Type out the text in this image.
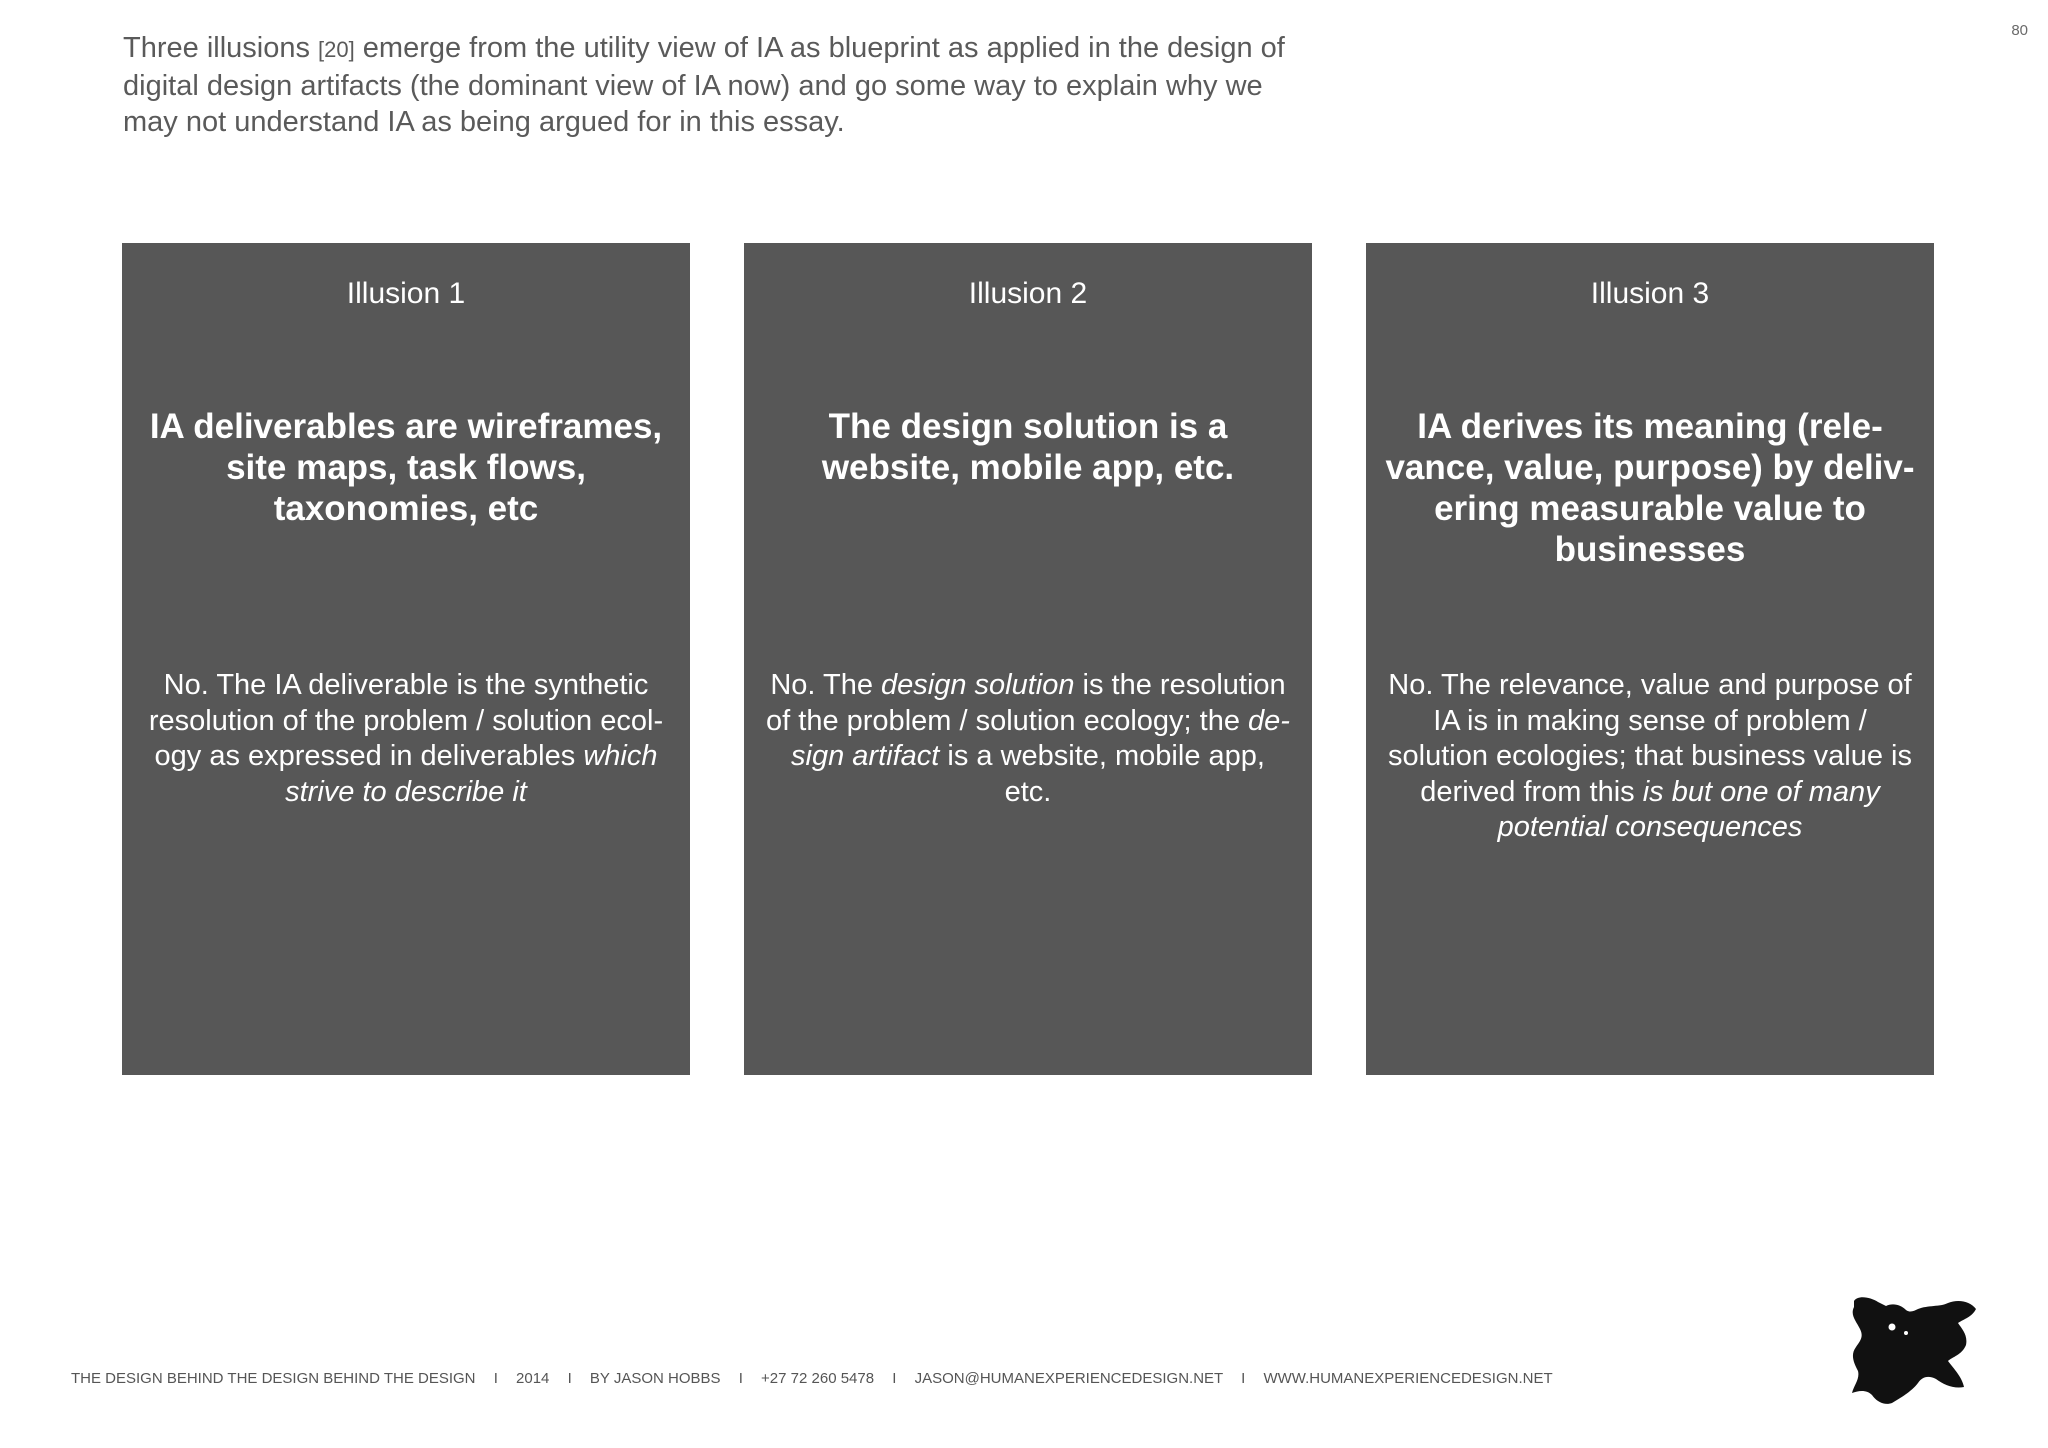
80

Three illusions [20] emerge from the utility view of IA as blueprint as applied in the design of digital design artifacts (the dominant view of IA now) and go some way to explain why we may not understand IA as being argued for in this essay.

Illusion 1
IA deliverables are wireframes, site maps, task flows, taxonomies, etc
No. The IA deliverable is the synthetic resolution of the problem / solution ecol-ogy as expressed in deliverables which strive to describe it
Illusion 2
The design solution is a website, mobile app, etc.
No. The design solution is the resolution of the problem / solution ecology; the de-sign artifact is a website, mobile app, etc.
Illusion 3
IA derives its meaning (rele-vance, value, purpose) by deliv-ering measurable value to businesses
No. The relevance, value and purpose of IA is in making sense of problem / solution ecologies; that business value is derived from this is but one of many potential consequences
THE DESIGN BEHIND THE DESIGN BEHIND THE DESIGN I 2014 I BY JASON HOBBS I +27 72 260 5478 I JASON@HUMANEXPERIENCEDESIGN.NET I WWW.HUMANEXPERIENCEDESIGN.NET
